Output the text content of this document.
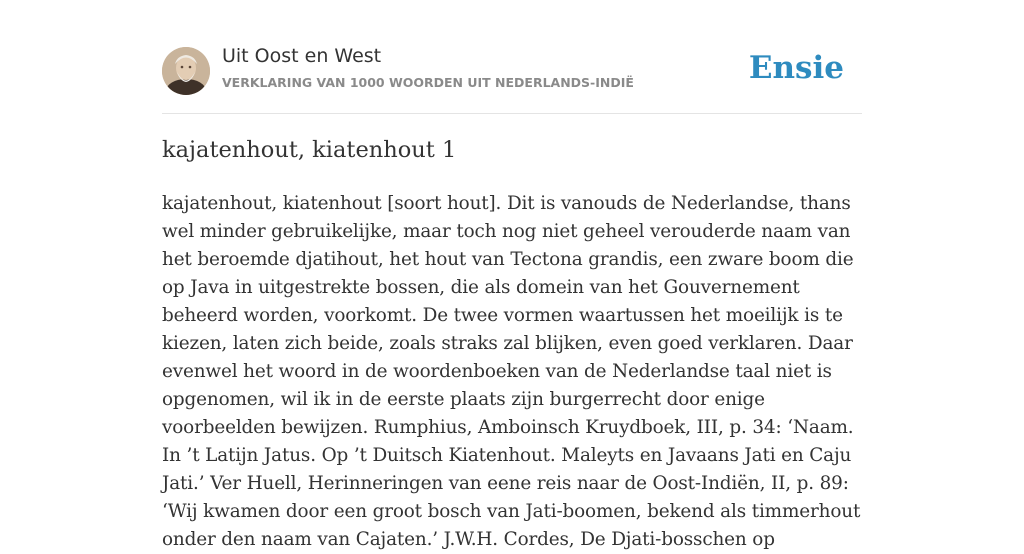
Uit Oost en West
VERKLARING VAN 1000 WOORDEN UIT NEDERLANDS-INDIË	Ensie
kajatenhout, kiatenhout 1

kajatenhout, kiatenhout [soort hout]. Dit is vanouds de Nederlandse, thans wel minder gebruikelijke, maar toch nog niet geheel verouderde naam van het beroemde djatihout, het hout van Tectona grandis, een zware boom die op Java in uitgestrekte bossen, die als domein van het Gouvernement beheerd worden, voorkomt. De twee vormen waartussen het moeilijk is te kiezen, laten zich beide, zoals straks zal blijken, even goed verklaren. Daar evenwel het woord in de woordenboeken van de Nederlandse taal niet is opgenomen, wil ik in de eerste plaats zijn burgerrecht door enige voorbeelden bewijzen. Rumphius, Amboinsch Kruydboek, III, p. 34: ‘Naam. In ’t Latijn Jatus. Op ’t Duitsch Kiatenhout. Maleyts en Javaans Jati en Caju Jati.’ Ver Huell, Herinneringen van eene reis naar de Oost-Indiën, II, p. 89: ‘Wij kwamen door een groot bosch van Jati-boomen, bekend als timmerhout onder den naam van Cajaten.’ J.W.H. Cordes, De Djati-bosschen op
